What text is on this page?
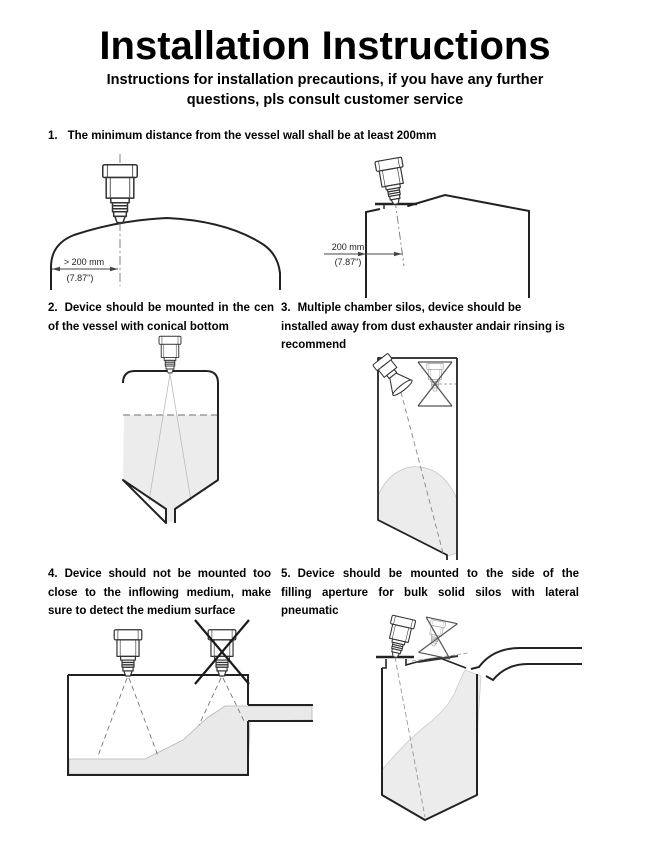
Installation Instructions
Instructions for installation precautions, if you have any further questions, pls consult customer service
1. The minimum distance from the vessel wall shall be at least 200mm
> 200 mm
(7.87")
200 mm
(7.87")
2. Device should be mounted in the cen
of the vessel with conical bottom
3. Multiple chamber silos, device should be
installed away from dust exhauster andair rinsing is
recommend
4. Device should not be mounted too
close to the inflowing medium, make
sure to detect the medium surface
5. Device should be mounted to the side of the
filling aperture for bulk solid silos with lateral
pneumatic
